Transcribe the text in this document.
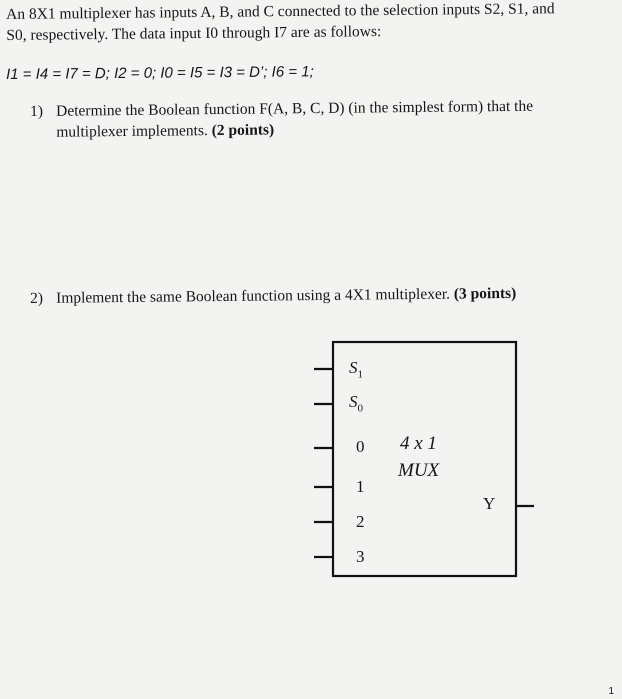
An 8X1 multiplexer has inputs A, B, and C connected to the selection inputs S2, S1, and
S0, respectively. The data input I0 through I7 are as follows:
I1 = I4 = I7 = D; I2 = 0; I0 = I5 = I3 = D’; I6 = 1;
1) Determine the Boolean function F(A, B, C, D) (in the simplest form) that the
multiplexer implements. (2 points)
2) Implement the same Boolean function using a 4X1 multiplexer. (3 points)
$S_1$
$S_0$
0
1
2
3
4 x 1
MUX
Y
1
